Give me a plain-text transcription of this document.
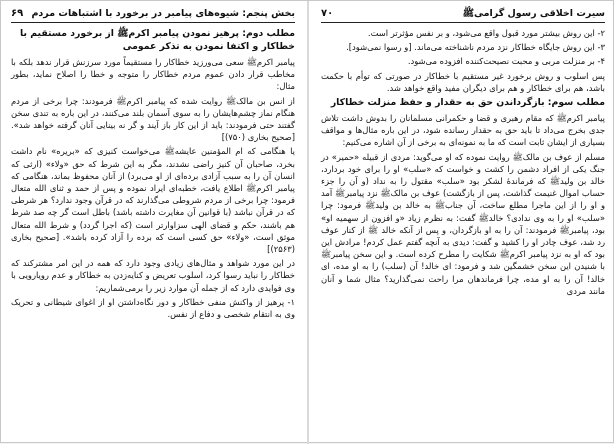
بخش پنجم: شیوه‌های پیامبر در برخورد با اشتباهات مردم
۶۹
مطلب دوم: پرهیز نمودن پیامبر اکرمﷺ از برخورد مستقیم با خطاکار و اکتفا نمودن به تذکر عمومی

پیامبر اکرمﷺ سعی می‌ورزید خطاکار را مستقیماً مورد سرزنش قرار ندهد بلکه با مخاطب قرار دادن عموم مردم خطاکار را متوجه و خطا را اصلاح نماید، بطور مثال:

از انس بن مالکﷺ روایت شده که پیامبر اکرمﷺ فرمودند: چرا برخی از مردم هنگام نماز چشم‌هایشان را به سوی آسمان بلند می‌کنند، در این باره به تندی سخن گفتند حتی فرمودند: باید از این کار باز آیند و گر نه بینایی آنان گرفته خواهد شد». [صحیح بخاری (۷۵۰)]

یا هنگامی که ام المؤمنین عایشهﷺ می‌خواست کنیزی که «بریره» نام داشت بخرد، صاحبان آن کنیز راضی نشدند، مگر به این شرط که حق «ولاء» (ارثی که انسان آن را به سبب آزادی برده‌ای از او می‌برد) از آنان محفوظ بماند، هنگامی که پیامبر اکرمﷺ اطلاع یافت، خطبه‌ای ایراد نموده و پس از حمد و ثنای الله متعال فرمود: چرا برخی از مردم شروطی می‌گذارند که در قرآن وجود ندارد؟ هر شرطی که در قرآن نباشد (با قوانین آن مغایرت داشته باشد) باطل است گر چه صد شرط هم باشند، حکم و قضای الهی سزاوارتر است (که اجرا گردد) و شرط الله متعال موثق است، «ولاء» حق کسی است که برده را آزاد کرده باشد». [صحیح بخاری (۲۵۶۳)]

در این مورد شواهد و مثال‌های زیادی وجود دارد که همه در این امر مشترکند که خطاکار را نباید رسوا کرد، اسلوب تعریض و کنایه‌زدن به خطاکار و عدم رویارویی با وی فوایدی دارد که از جمله آن موارد زیر را برمی‌شماریم:

۱- پرهیز از واکنش منفی خطاکار و دور نگاه‌داشتن او از اغوای شیطانی و تحریک وی به انتقام شخصی و دفاع از نفس.

سیرت اخلاقی رسول گرامیﷺ
۷۰

۲- این روش بیشتر مورد قبول واقع می‌شود، و بر نفس مؤثرتر است.

۳- این روش جایگاه خطاکار نزد مردم ناشناخته می‌ماند. [و رسوا نمی‌شود].

۴- بر منزلت مربی و محبت نصیحت‌کننده افزوده می‌شود.

پس اسلوب و روش برخورد غیر مستقیم با خطاکار در صورتی که توأم با حکمت باشد، هم برای خطاکار و هم برای دیگران مفید واقع خواهد شد.

مطلب سوم: بازگرداندن حق به حقدار و حفظ منزلت خطاکار

پیامبر اکرمﷺ که مقام رهبری و قضا و حکمرانی مسلمانان را بدوش داشت تلاش جدی بخرج می‌داد تا باید حق به حقدار رسانده شود، در این باره مثال‌ها و مواقف بسیاری از ایشان ثابت است که ما به نمونه‌ای به برخی از آن اشاره می‌کنیم:

مسلم از عوف بن مالکﷺ روایت نموده که او می‌گوید: مردی از قبیله «حمیر» در جنگ یکی از افراد دشمن را کشت و خواست که «سلب» او را برای خود بردارد، خالد بن ولیدﷺ که فرماندهٔ لشکر بود «سلب» مقتول را به نداد (و آن را جزء حساب اموال غنیمت گذاشت، پس از بازگشت) عوف بن مالکﷺ نزد پیامبرﷺ آمد و او را از این ماجرا مطلع ساخت، آن جنابﷺ به خالد بن ولیدﷺ فرمود: چرا «سلب» او را به وی ندادی؟ خالدﷺ گفت: به نظرم زیاد «و افزون از سهمیه او» بود، پیامبرﷺ فرمودند: آن را به او بازگردان، و پس از آنکه خالد ﷺ از کنار عوف رد شد، عوف چادر او را کشید و گفت: دیدی به آنچه گفتم عمل کردم! مرادش این بود که او به نزد پیامبر اکرمﷺ شکایت را مطرح کرده است. و این سخن پیامبرﷺ با شنیدن این سخن خشمگین شد و فرمود: ای خالد! آن (سلب) را به او مده، ای خالد! آن را به او مده، چرا فرماندهان مرا راحت نمی‌گذارید؟ مثال شما و آنان مانند مردی
